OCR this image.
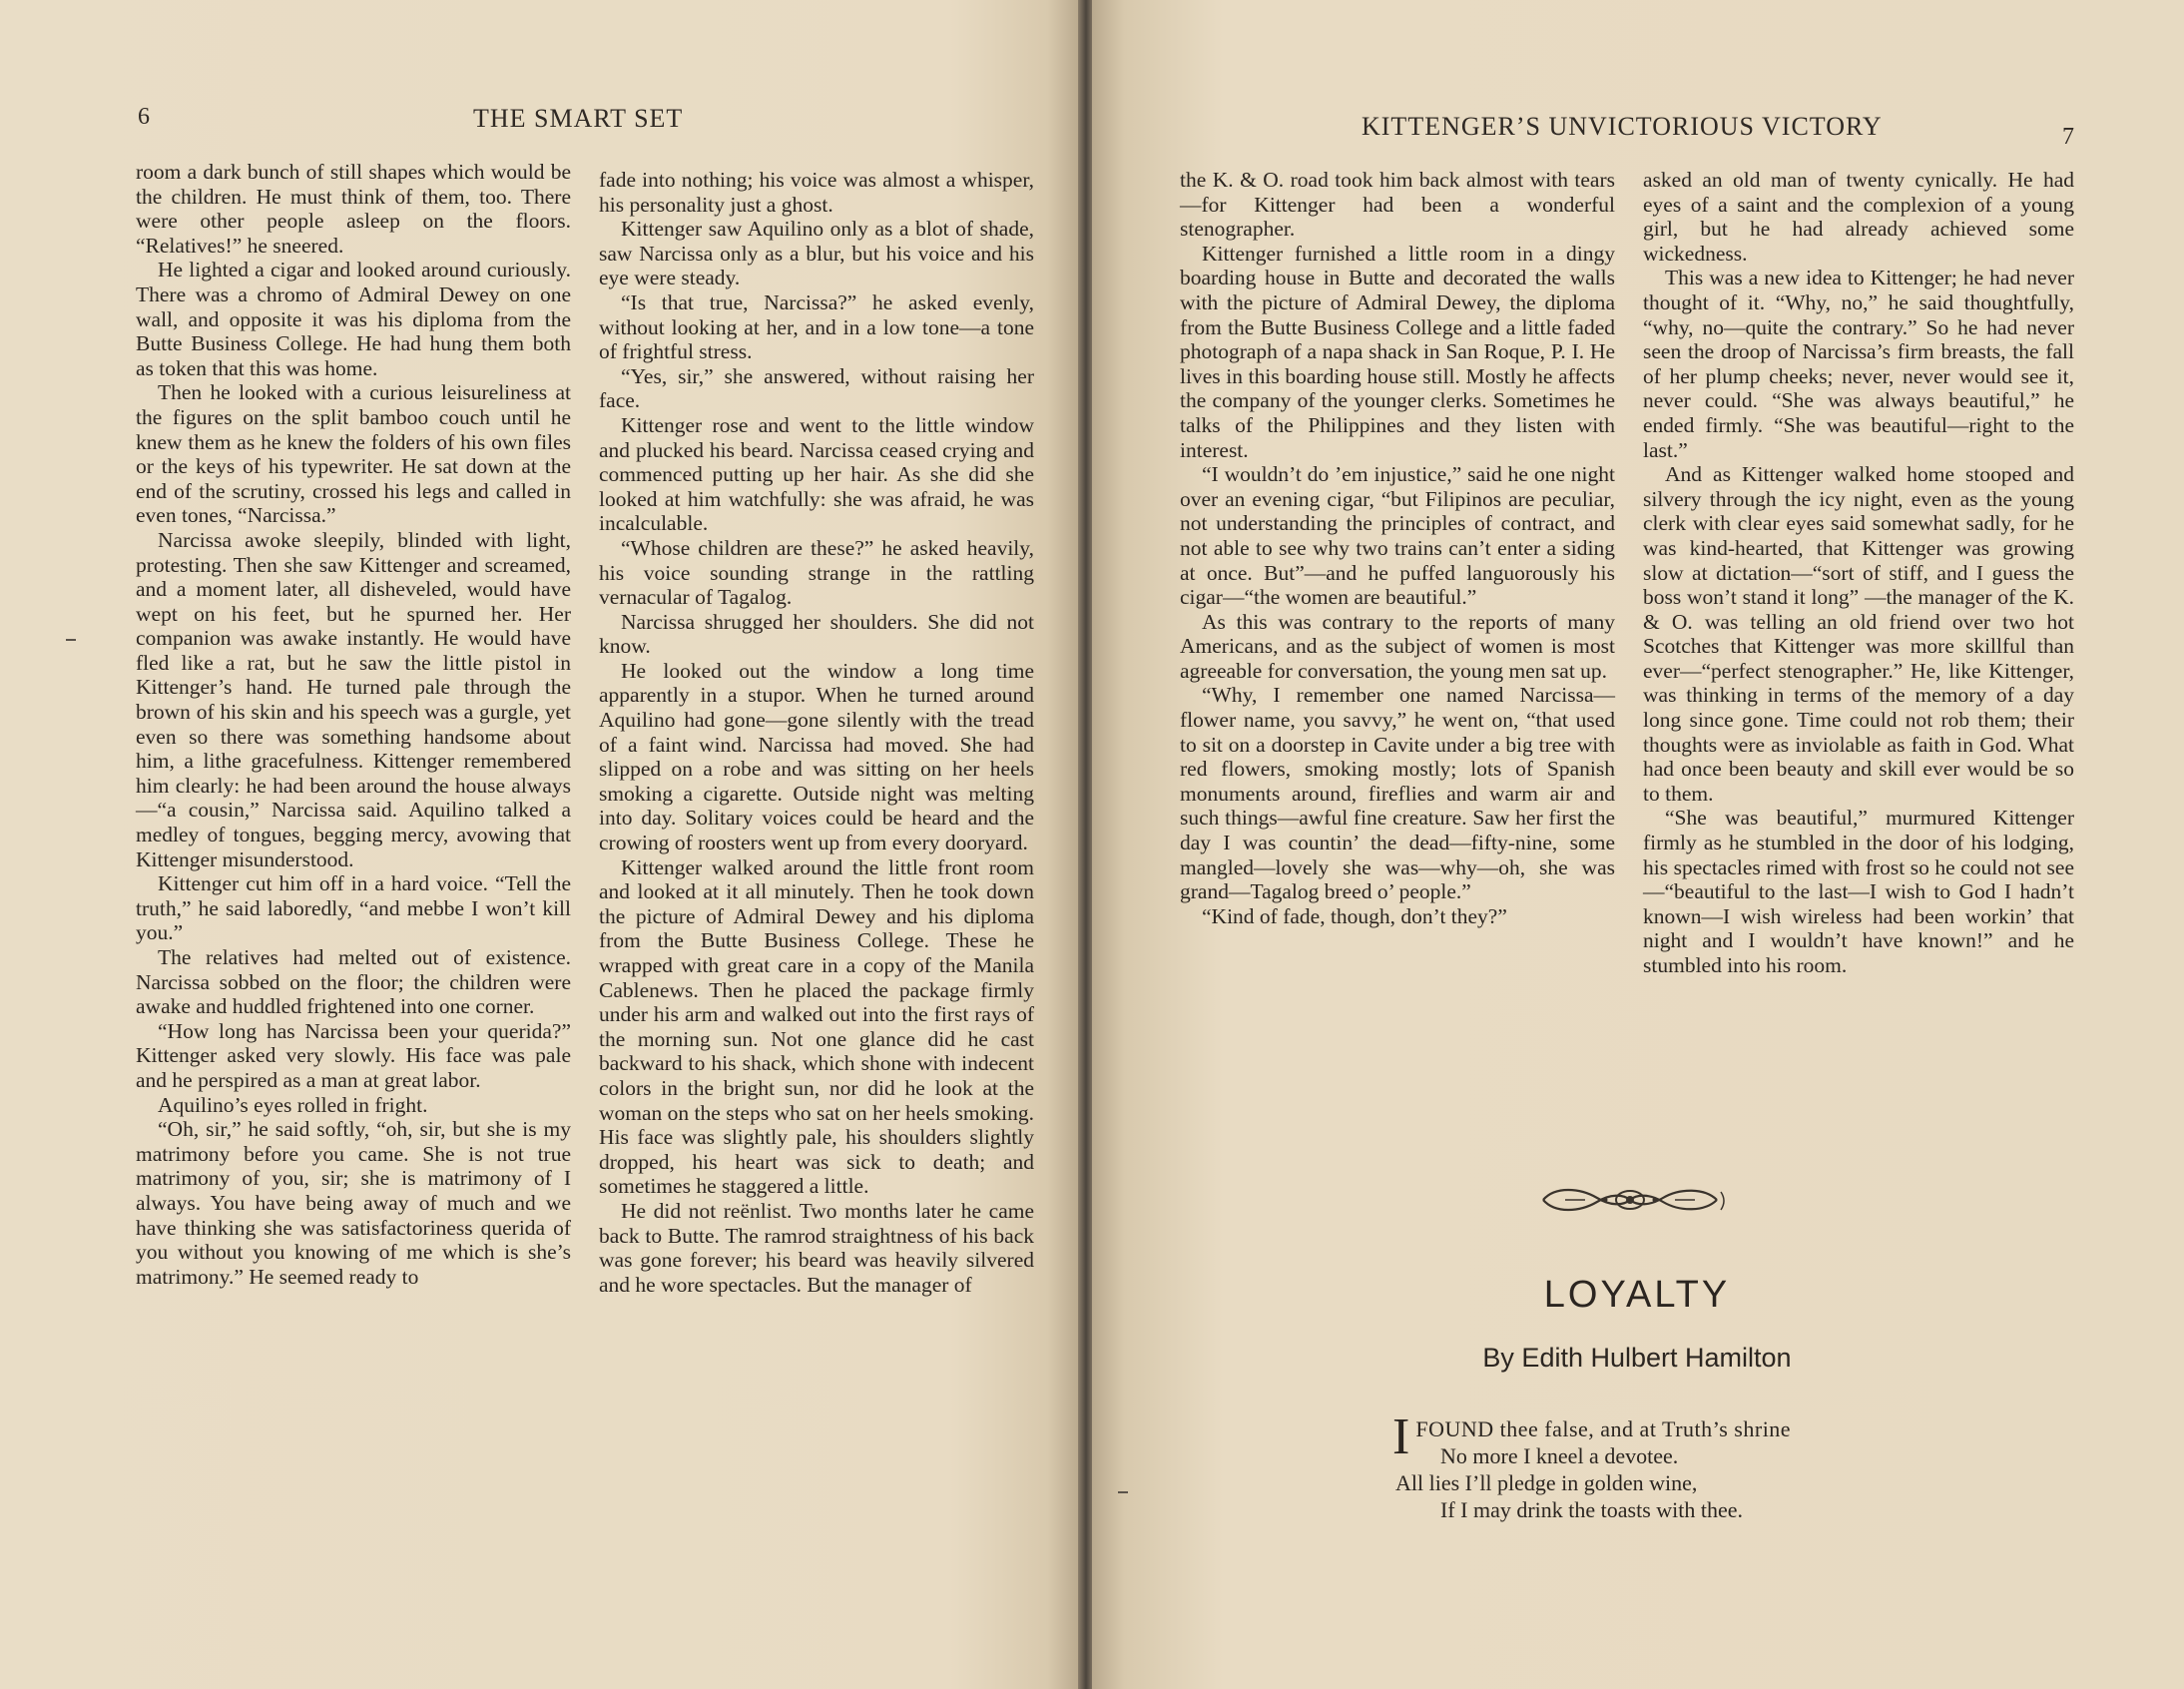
6	THE SMART SET

room a dark bunch of still shapes which would be the children. He must think of them, too. There were other people asleep on the floors. “Relatives!” he sneered.

He lighted a cigar and looked around curiously. There was a chromo of Admiral Dewey on one wall, and opposite it was his diploma from the Butte Business College. He had hung them both as token that this was home.

Then he looked with a curious leisureliness at the figures on the split bamboo couch until he knew them as he knew the folders of his own files or the keys of his typewriter. He sat down at the end of the scrutiny, crossed his legs and called in even tones, “Narcissa.”

Narcissa awoke sleepily, blinded with light, protesting. Then she saw Kittenger and screamed, and a moment later, all disheveled, would have wept on his feet, but he spurned her. Her companion was awake instantly. He would have fled like a rat, but he saw the little pistol in Kittenger’s hand. He turned pale through the brown of his skin and his speech was a gurgle, yet even so there was something handsome about him, a lithe gracefulness. Kittenger remembered him clearly: he had been around the house always—“a cousin,” Narcissa said. Aquilino talked a medley of tongues, begging mercy, avowing that Kittenger misunderstood.

Kittenger cut him off in a hard voice. “Tell the truth,” he said laboredly, “and mebbe I won’t kill you.”

The relatives had melted out of existence. Narcissa sobbed on the floor; the children were awake and huddled frightened into one corner.

“How long has Narcissa been your querida?” Kittenger asked very slowly. His face was pale and he perspired as a man at great labor.

Aquilino’s eyes rolled in fright.

“Oh, sir,” he said softly, “oh, sir, but she is my matrimony before you came. She is not true matrimony of you, sir; she is matrimony of I always. You have being away of much and we have thinking she was satisfactoriness querida of you without you knowing of me which is she’s matrimony.” He seemed ready to

fade into nothing; his voice was almost a whisper, his personality just a ghost.

Kittenger saw Aquilino only as a blot of shade, saw Narcissa only as a blur, but his voice and his eye were steady.

“Is that true, Narcissa?” he asked evenly, without looking at her, and in a low tone—a tone of frightful stress.

“Yes, sir,” she answered, without raising her face.

Kittenger rose and went to the little window and plucked his beard. Narcissa ceased crying and commenced putting up her hair. As she did she looked at him watchfully: she was afraid, he was incalculable.

“Whose children are these?” he asked heavily, his voice sounding strange in the rattling vernacular of Tagalog.

Narcissa shrugged her shoulders. She did not know.

He looked out the window a long time apparently in a stupor. When he turned around Aquilino had gone—gone silently with the tread of a faint wind. Narcissa had moved. She had slipped on a robe and was sitting on her heels smoking a cigarette. Outside night was melting into day. Solitary voices could be heard and the crowing of roosters went up from every dooryard.

Kittenger walked around the little front room and looked at it all minutely. Then he took down the picture of Admiral Dewey and his diploma from the Butte Business College. These he wrapped with great care in a copy of the Manila Cablenews. Then he placed the package firmly under his arm and walked out into the first rays of the morning sun. Not one glance did he cast backward to his shack, which shone with indecent colors in the bright sun, nor did he look at the woman on the steps who sat on her heels smoking. His face was slightly pale, his shoulders slightly dropped, his heart was sick to death; and sometimes he staggered a little.

He did not reënlist. Two months later he came back to Butte. The ramrod straightness of his back was gone forever; his beard was heavily silvered and he wore spectacles. But the manager of

KITTENGER’S UNVICTORIOUS VICTORY	7

the K. & O. road took him back almost with tears—for Kittenger had been a wonderful stenographer.

Kittenger furnished a little room in a dingy boarding house in Butte and decorated the walls with the picture of Admiral Dewey, the diploma from the Butte Business College and a little faded photograph of a napa shack in San Roque, P. I. He lives in this boarding house still. Mostly he affects the company of the younger clerks. Sometimes he talks of the Philippines and they listen with interest.

“I wouldn’t do ’em injustice,” said he one night over an evening cigar, “but Filipinos are peculiar, not understanding the principles of contract, and not able to see why two trains can’t enter a siding at once. But”—and he puffed languorously his cigar—“the women are beautiful.”

As this was contrary to the reports of many Americans, and as the subject of women is most agreeable for conversation, the young men sat up.

“Why, I remember one named Narcissa—flower name, you savvy,” he went on, “that used to sit on a doorstep in Cavite under a big tree with red flowers, smoking mostly; lots of Spanish monuments around, fireflies and warm air and such things—awful fine creature. Saw her first the day I was countin’ the dead—fifty-nine, some mangled—lovely she was—why—oh, she was grand—Tagalog breed o’ people.”

“Kind of fade, though, don’t they?”

asked an old man of twenty cynically. He had eyes of a saint and the complexion of a young girl, but he had already achieved some wickedness.

This was a new idea to Kittenger; he had never thought of it. “Why, no,” he said thoughtfully, “why, no—quite the contrary.” So he had never seen the droop of Narcissa’s firm breasts, the fall of her plump cheeks; never, never would see it, never could. “She was always beautiful,” he ended firmly. “She was beautiful—right to the last.”

And as Kittenger walked home stooped and silvery through the icy night, even as the young clerk with clear eyes said somewhat sadly, for he was kind-hearted, that Kittenger was growing slow at dictation—“sort of stiff, and I guess the boss won’t stand it long” —the manager of the K. & O. was telling an old friend over two hot Scotches that Kittenger was more skillful than ever—“perfect stenographer.” He, like Kittenger, was thinking in terms of the memory of a day long since gone. Time could not rob them; their thoughts were as inviolable as faith in God. What had once been beauty and skill ever would be so to them.

“She was beautiful,” murmured Kittenger firmly as he stumbled in the door of his lodging, his spectacles rimed with frost so he could not see—“beautiful to the last—I wish to God I hadn’t known—I wish wireless had been workin’ that night and I wouldn’t have known!” and he stumbled into his room.

LOYALTY
By Edith Hulbert Hamilton
I FOUND thee false, and at Truth’s shrine
No more I kneel a devotee.
All lies I’ll pledge in golden wine,
If I may drink the toasts with thee.
